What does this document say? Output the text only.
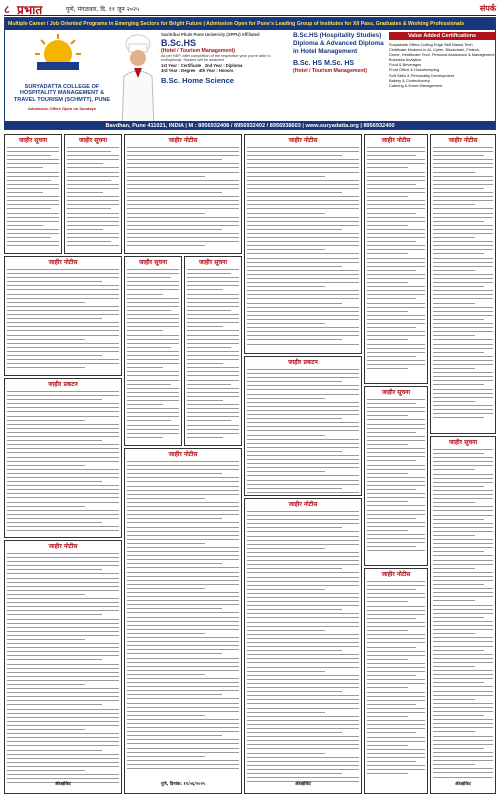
८ प्रभात	पुणे, मंगळवार, दि. ११ जून २०२५	संपर्क
Multiple Career / Job Oriented Programs in Emerging Sectors for Bright Future | Admission Open for Pune's Leading Group of Institutes for XII Pass, Graduates & Working Professionals
SURYADATTA COLLEGE OF
HOSPITALITY MANAGEMENT &
TRAVEL TOURISM (SCHMTT), PUNE
Admission Office Open on Sundays
Savitribai Phule Pune University (SPPU) Affiliated
B.Sc.HS
(Hotel / Tourism Management)
As per NEP, after completion of the respective year you're able to exit/optional, Student will be awarded
1st Year : Certificate 2nd Year : Diploma
3rd Year : Degree 4th Year : Honors
B.Sc. Home Science
B.Sc.HS (Hospitality Studies)
Diploma & Advanced Diploma in Hotel Management
B.Sc. HS M.Sc. HS
(Hotel / Tourism Management)
Value Added Certifications
Suryadatta Offers Cutting Edge Skill Based Tech
Certificate Modules in AI, Cyber, Blockchain, Fintech,
Drone, Healthcare Tech, Personal Assistance & Management
Business Analytics
Food & Beverages
Front Office & Housekeeping
Soft Skills & Personality Development
Bakery & Confectionery
Catering & Event Management
Bavdhan, Pune 411021, INDIA | M : 8956932408 / 8956932402 / 8956938603 | www.suryadatta.org | 8956932400
जाहीर सूचना	जाहीर सूचना
जाहीर नोटीस
जाहीर प्रकटन
जाहीर नोटीस
ॲडव्होकेट
जाहीर नोटीस
जाहीर सूचना	जाहीर सूचना
जाहीर नोटीस
पुणे, दिनांक: ११/०६/२०२५
जाहीर नोटीस
जाहीर प्रकटन
जाहीर नोटीस
ॲडव्होकेट
जाहीर नोटीस
जाहीर सूचना
जाहीर नोटीस
जाहीर नोटीस
जाहीर सूचना
ॲडव्होकेट
